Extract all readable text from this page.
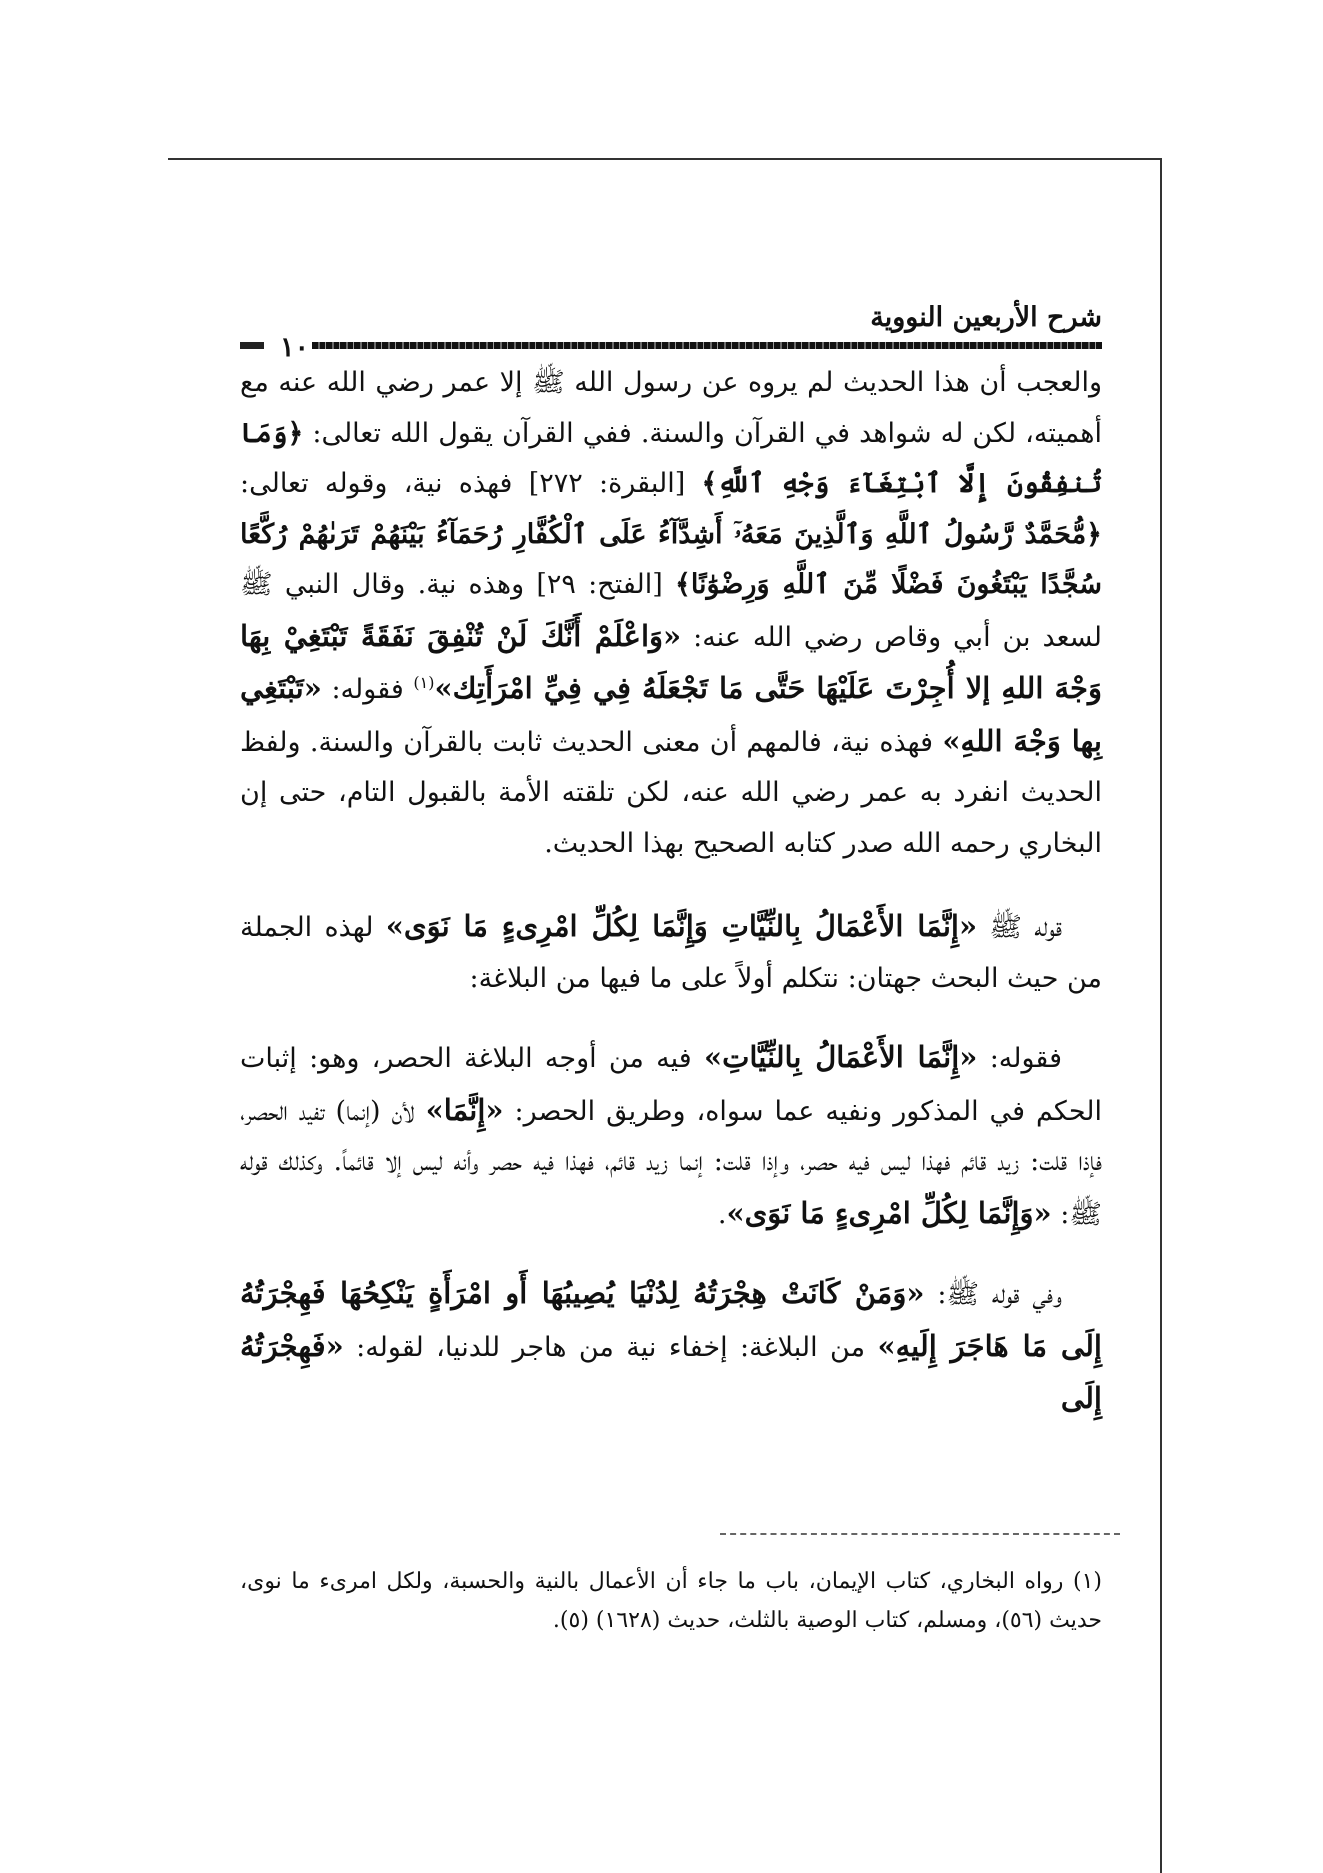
شرح الأربعين النووية
١٠

والعجب أن هذا الحديث لم يروه عن رسول الله ﷺ إلا عمر رضي الله عنه مع أهميته، لكن له شواهد في القرآن والسنة. ففي القرآن يقول الله تعالى: ﴿وَمَا تُنفِقُونَ إِلَّا ٱبْتِغَآءَ وَجْهِ ٱللَّهِ﴾ [البقرة: ٢٧٢] فهذه نية، وقوله تعالى: ﴿مُّحَمَّدٌ رَّسُولُ ٱللَّهِ وَٱلَّذِينَ مَعَهُۥٓ أَشِدَّآءُ عَلَى ٱلْكُفَّارِ رُحَمَآءُ بَيْنَهُمْ تَرَىٰهُمْ رُكَّعًا سُجَّدًا يَبْتَغُونَ فَضْلًا مِّنَ ٱللَّهِ وَرِضْوَٰنًا﴾ [الفتح: ٢٩] وهذه نية. وقال النبي ﷺ لسعد بن أبي وقاص رضي الله عنه: «وَاعْلَمْ أَنَّكَ لَنْ تُنْفِقَ نَفَقَةً تَبْتَغِيْ بِهَا وَجْهَ اللهِ إلا أُجِرْتَ عَلَيْهَا حَتَّى مَا تَجْعَلَهُ فِي فِيِّ امْرَأَتِك»$^{(١)}$ فقوله: «تَبْتَغِي بِها وَجْهَ اللهِ» فهذه نية، فالمهم أن معنى الحديث ثابت بالقرآن والسنة. ولفظ الحديث انفرد به عمر رضي الله عنه، لكن تلقته الأمة بالقبول التام، حتى إن البخاري رحمه الله صدر كتابه الصحيح بهذا الحديث.

قوله ﷺ «إِنَّمَا الأَعْمَالُ بِالنِّيَّاتِ وَإِنَّمَا لِكُلِّ امْرِىءٍ مَا نَوَى» لهذه الجملة من حيث البحث جهتان: نتكلم أولاً على ما فيها من البلاغة:

فقوله: «إِنَّمَا الأَعْمَالُ بِالنِّيَّاتِ» فيه من أوجه البلاغة الحصر، وهو: إثبات الحكم في المذكور ونفيه عما سواه، وطريق الحصر: «إِنَّمَا» لأن (إنما) تفيد الحصر، فإذا قلت: زيد قائم فهذا ليس فيه حصر، وإذا قلت: إنما زيد قائم، فهذا فيه حصر وأنه ليس إلا قائماً. وكذلك قوله ﷺ: «وَإِنَّمَا لِكُلِّ امْرِىءٍ مَا نَوَى».

وفي قوله ﷺ: «وَمَنْ كَانَتْ هِجْرَتُهُ لِدُنْيَا يُصِيبُهَا أَو امْرَأَةٍ يَنْكِحُهَا فَهِجْرَتُهُ إِلَى مَا هَاجَرَ إِلَيهِ» من البلاغة: إخفاء نية من هاجر للدنيا، لقوله: «فَهِجْرَتُهُ إِلَى

(١) رواه البخاري، كتاب الإيمان، باب ما جاء أن الأعمال بالنية والحسبة، ولكل امرىء ما نوى، حديث (٥٦)، ومسلم، كتاب الوصية بالثلث، حديث (١٦٢٨) (٥).
